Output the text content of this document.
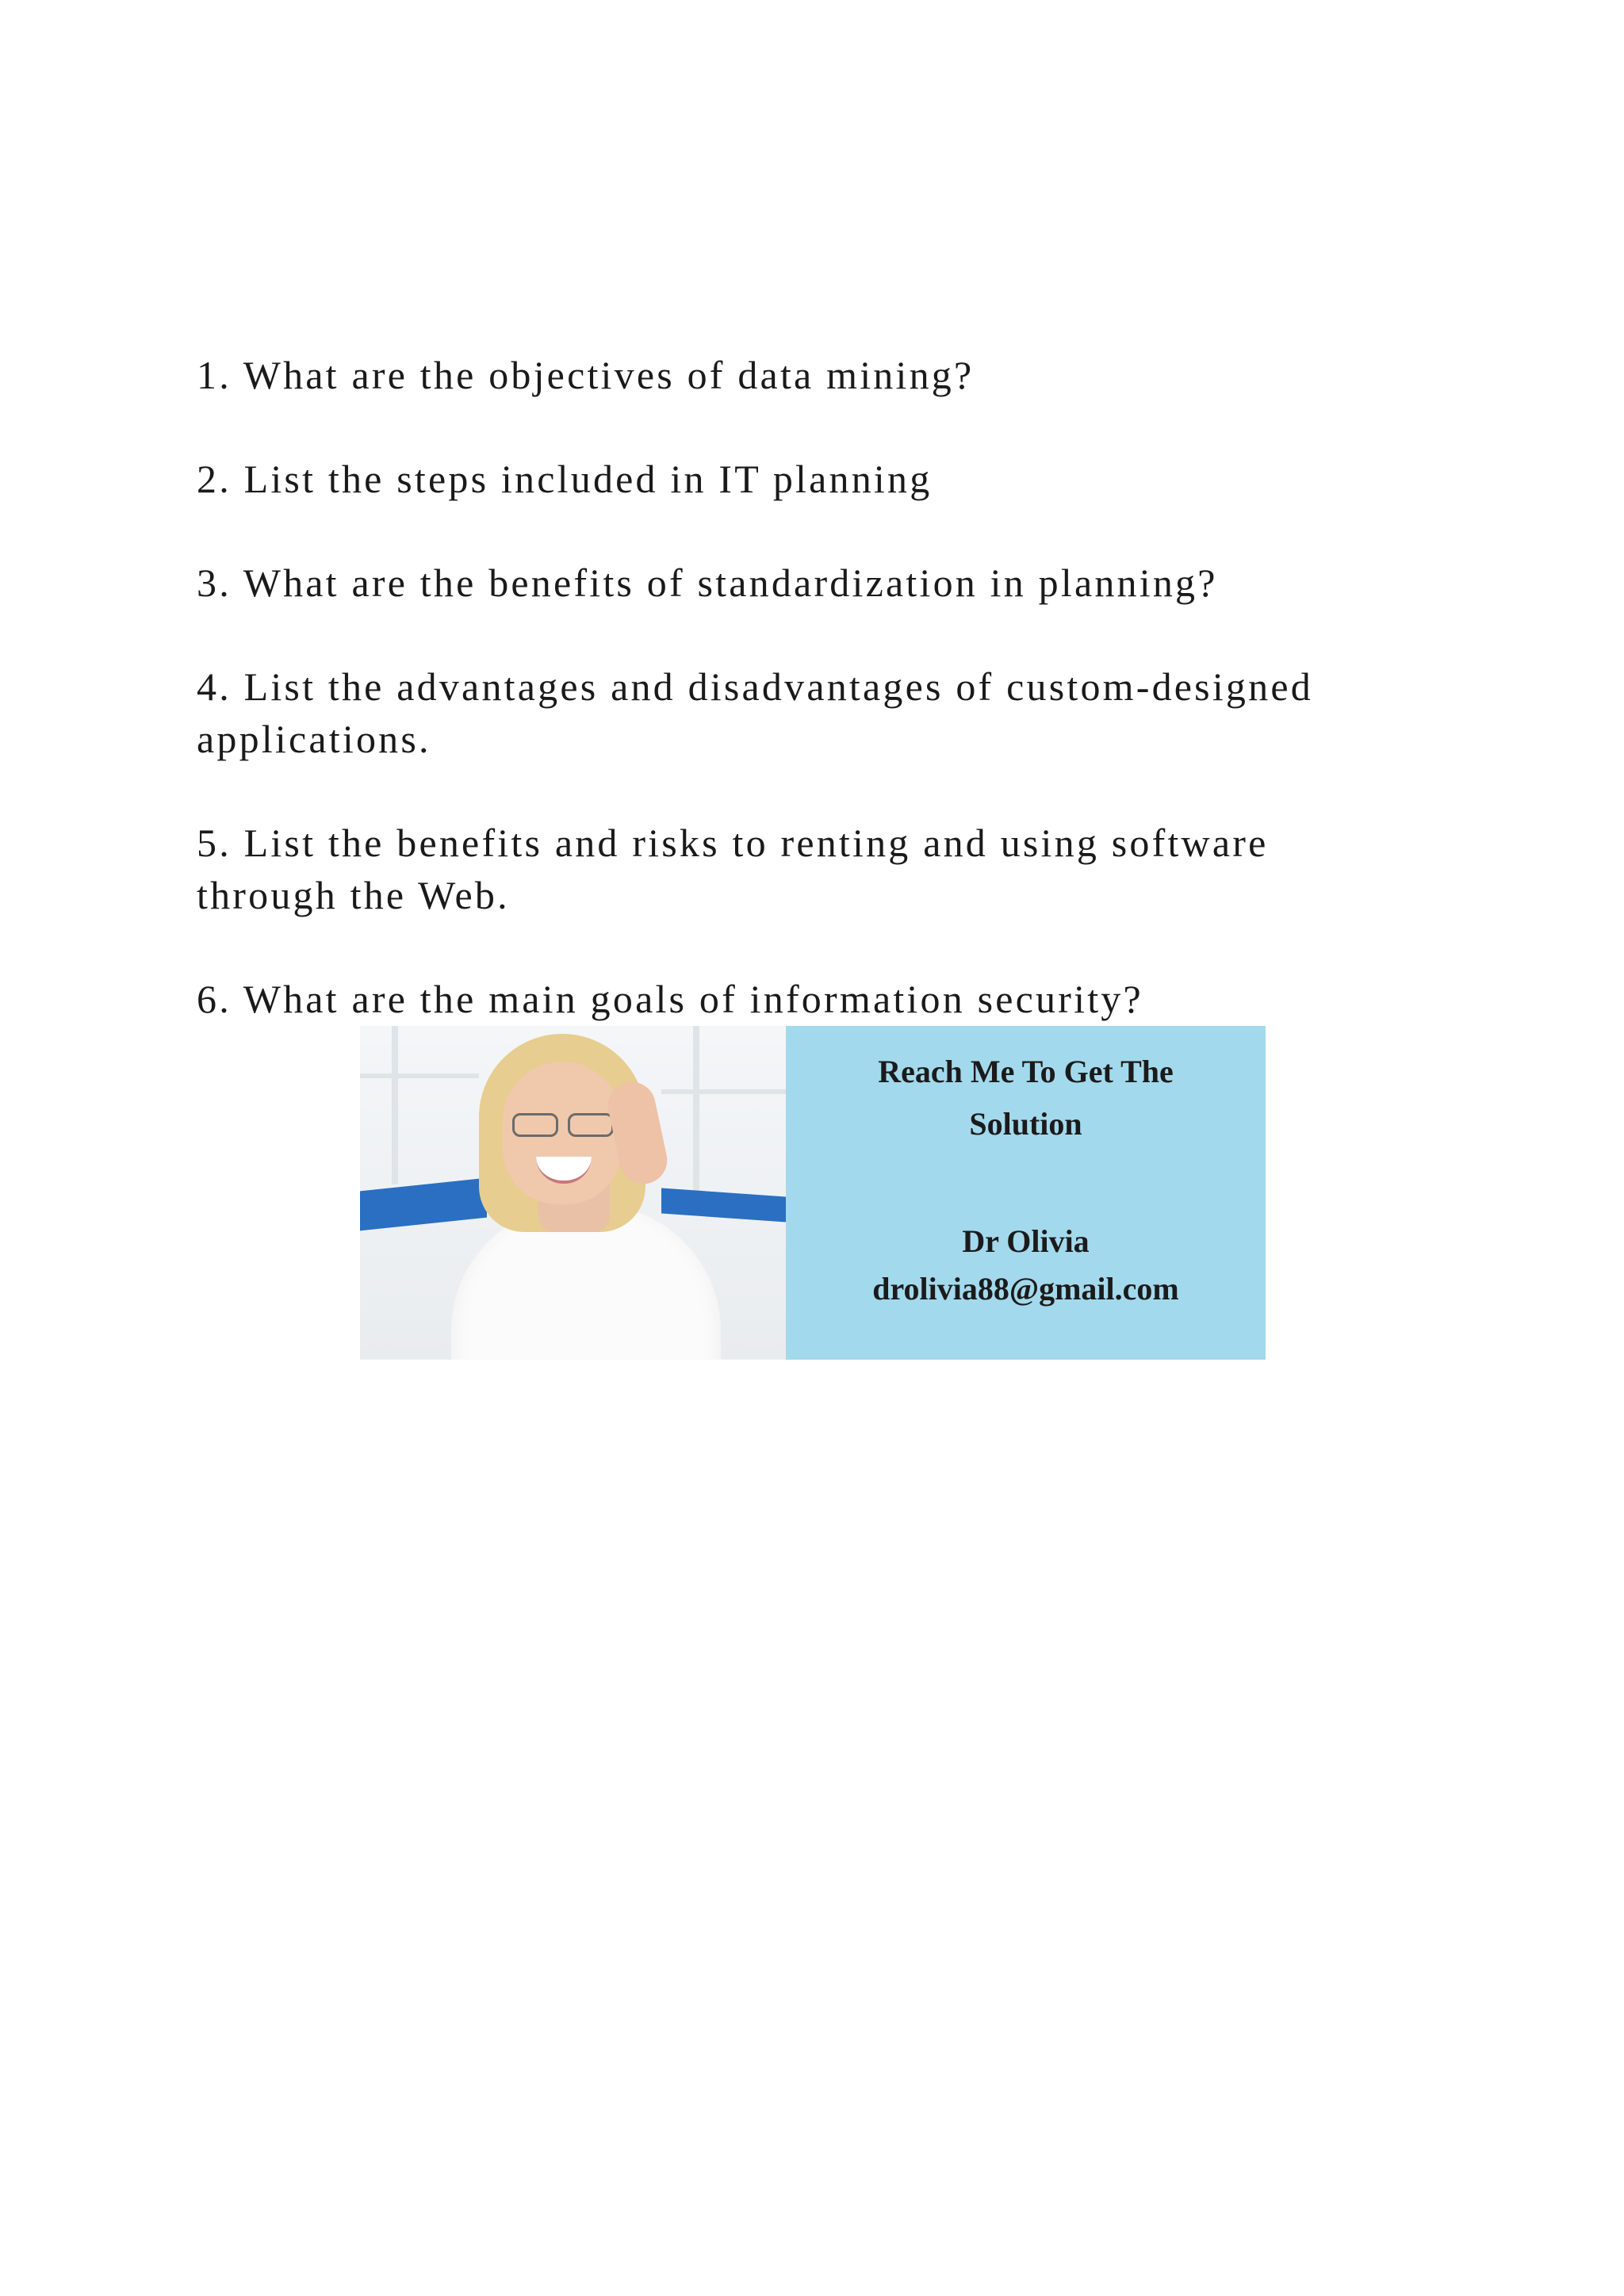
1. What are the objectives of data mining?

2. List the steps included in IT planning

3. What are the benefits of standardization in planning?

4. List the advantages and disadvantages of custom-designed
applications.

5. List the benefits and risks to renting and using software
through the Web.

6. What are the main goals of information security?

Reach Me To Get The
Solution
Dr Olivia
drolivia88@gmail.com
